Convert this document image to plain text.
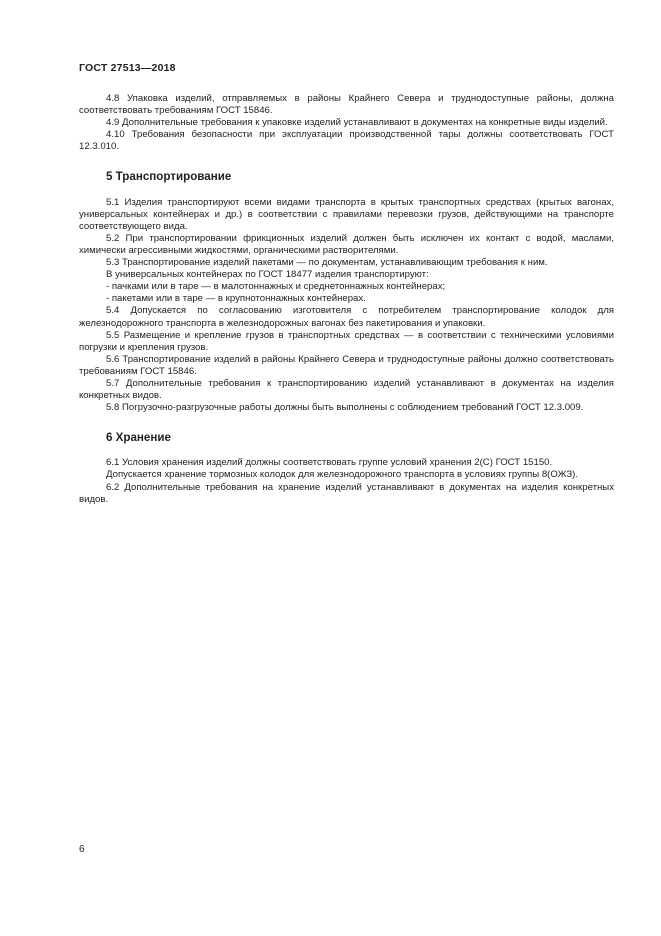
ГОСТ 27513—2018

4.8 Упаковка изделий, отправляемых в районы Крайнего Севера и труднодоступные районы, должна соответствовать требованиям ГОСТ 15846.

4.9 Дополнительные требования к упаковке изделий устанавливают в документах на конкретные виды изделий.

4.10 Требования безопасности при эксплуатации производственной тары должны соответствовать ГОСТ 12.3.010.

5 Транспортирование

5.1 Изделия транспортируют всеми видами транспорта в крытых транспортных средствах (крытых вагонах, универсальных контейнерах и др.) в соответствии с правилами перевозки грузов, действующими на транспорте соответствующего вида.

5.2 При транспортировании фрикционных изделий должен быть исключен их контакт с водой, маслами, химически агрессивными жидкостями, органическими растворителями.

5.3 Транспортирование изделий пакетами — по документам, устанавливающим требования к ним.

В универсальных контейнерах по ГОСТ 18477 изделия транспортируют:

- пачками или в таре — в малотоннажных и среднетоннажных контейнерах;

- пакетами или в таре — в крупнотоннажных контейнерах.

5.4 Допускается по согласованию изготовителя с потребителем транспортирование колодок для железнодорожного транспорта в железнодорожных вагонах без пакетирования и упаковки.

5.5 Размещение и крепление грузов в транспортных средствах — в соответствии с техническими условиями погрузки и крепления грузов.

5.6 Транспортирование изделий в районы Крайнего Севера и труднодоступные районы должно соответствовать требованиям ГОСТ 15846.

5.7 Дополнительные требования к транспортированию изделий устанавливают в документах на изделия конкретных видов.

5.8 Погрузочно-разгрузочные работы должны быть выполнены с соблюдением требований ГОСТ 12.3.009.

6 Хранение

6.1 Условия хранения изделий должны соответствовать группе условий хранения 2(С) ГОСТ 15150.

Допускается хранение тормозных колодок для железнодорожного транспорта в условиях группы 8(ОЖЗ).

6.2 Дополнительные требования на хранение изделий устанавливают в документах на изделия конкретных видов.

6
